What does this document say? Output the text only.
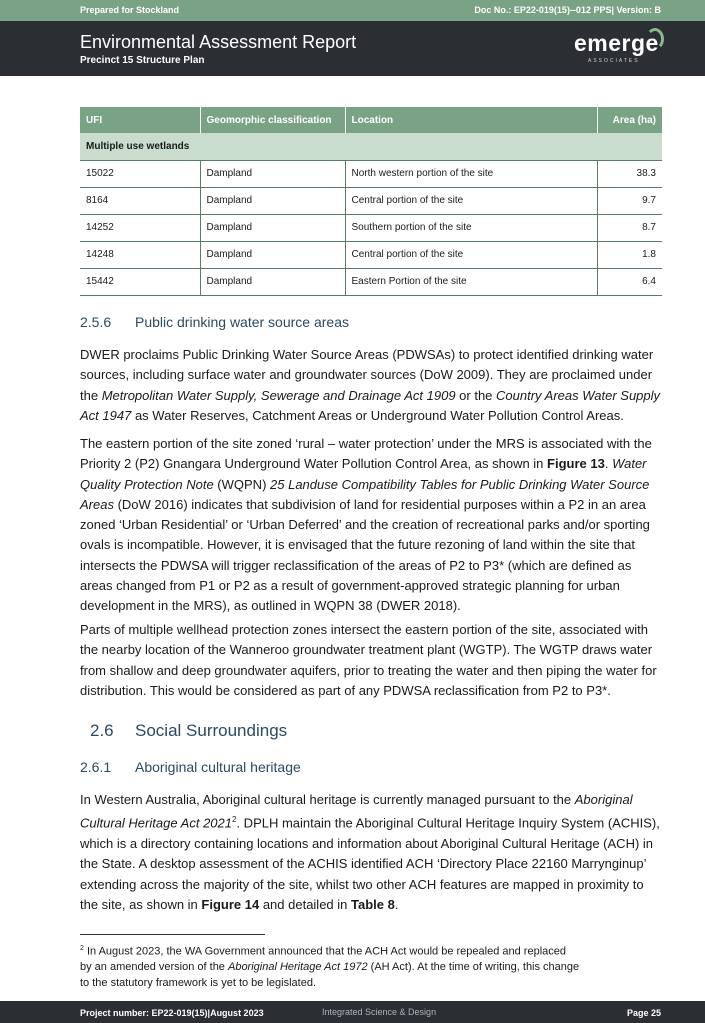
Prepared for Stockland	Doc No.: EP22-019(15)--012 PPS| Version: B
Environmental Assessment Report
Precinct 15 Structure Plan
emerge
ASSOCIATES
UFI	Geomorphic classification	Location	Area (ha)
Multiple use wetlands			
15022	Dampland	North western portion of the site	38.3
8164	Dampland	Central portion of the site	9.7
14252	Dampland	Southern portion of the site	8.7
14248	Dampland	Central portion of the site	1.8
15442	Dampland	Eastern Portion of the site	6.4
2.5.6 Public drinking water source areas
DWER proclaims Public Drinking Water Source Areas (PDWSAs) to protect identified drinking water sources, including surface water and groundwater sources (DoW 2009). They are proclaimed under the Metropolitan Water Supply, Sewerage and Drainage Act 1909 or the Country Areas Water Supply Act 1947 as Water Reserves, Catchment Areas or Underground Water Pollution Control Areas.
The eastern portion of the site zoned ‘rural – water protection’ under the MRS is associated with the Priority 2 (P2) Gnangara Underground Water Pollution Control Area, as shown in Figure 13. Water Quality Protection Note (WQPN) 25 Landuse Compatibility Tables for Public Drinking Water Source Areas (DoW 2016) indicates that subdivision of land for residential purposes within a P2 in an area zoned ‘Urban Residential’ or ‘Urban Deferred’ and the creation of recreational parks and/or sporting ovals is incompatible. However, it is envisaged that the future rezoning of land within the site that intersects the PDWSA will trigger reclassification of the areas of P2 to P3* (which are defined as areas changed from P1 or P2 as a result of government-approved strategic planning for urban development in the MRS), as outlined in WQPN 38 (DWER 2018).
Parts of multiple wellhead protection zones intersect the eastern portion of the site, associated with the nearby location of the Wanneroo groundwater treatment plant (WGTP). The WGTP draws water from shallow and deep groundwater aquifers, prior to treating the water and then piping the water for distribution. This would be considered as part of any PDWSA reclassification from P2 to P3*.
2.6 Social Surroundings
2.6.1 Aboriginal cultural heritage
In Western Australia, Aboriginal cultural heritage is currently managed pursuant to the Aboriginal Cultural Heritage Act 2021$^2$. DPLH maintain the Aboriginal Cultural Heritage Inquiry System (ACHIS), which is a directory containing locations and information about Aboriginal Cultural Heritage (ACH) in the State. A desktop assessment of the ACHIS identified ACH ‘Directory Place 22160 Marrynginup’ extending across the majority of the site, whilst two other ACH features are mapped in proximity to the site, as shown in Figure 14 and detailed in Table 8.
$^2$ In August 2023, the WA Government announced that the ACH Act would be repealed and replaced by an amended version of the Aboriginal Heritage Act 1972 (AH Act). At the time of writing, this change to the statutory framework is yet to be legislated.
Project number: EP22-019(15)|August 2023	Integrated Science & Design	Page 25
